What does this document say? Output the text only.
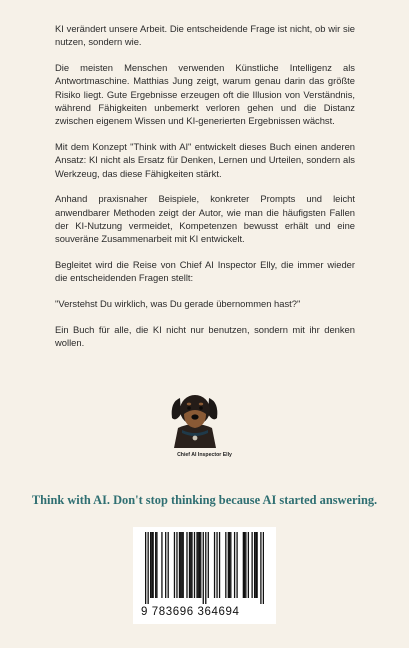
KI verändert unsere Arbeit. Die entscheidende Frage ist nicht, ob wir sie nutzen, sondern wie.

Die meisten Menschen verwenden Künstliche Intelligenz als Antwortmaschine. Matthias Jung zeigt, warum genau darin das größte Risiko liegt. Gute Ergebnisse erzeugen oft die Illusion von Verständnis, während Fähigkeiten unbemerkt verloren gehen und die Distanz zwischen eigenem Wissen und KI-generierten Ergebnissen wächst.

Mit dem Konzept "Think with AI" entwickelt dieses Buch einen anderen Ansatz: KI nicht als Ersatz für Denken, Lernen und Urteilen, sondern als Werkzeug, das diese Fähigkeiten stärkt.

Anhand praxisnaher Beispiele, konkreter Prompts und leicht anwendbarer Methoden zeigt der Autor, wie man die häufigsten Fallen der KI-Nutzung vermeidet, Kompetenzen bewusst erhält und eine souveräne Zusammenarbeit mit KI entwickelt.

Begleitet wird die Reise von Chief AI Inspector Elly, die immer wieder die entscheidenden Fragen stellt:

"Verstehst Du wirklich, was Du gerade übernommen hast?"

Ein Buch für alle, die KI nicht nur benutzen, sondern mit ihr denken wollen.

Chief AI Inspector Elly
Think with AI. Don't stop thinking because AI started answering.
9 783696 364694
